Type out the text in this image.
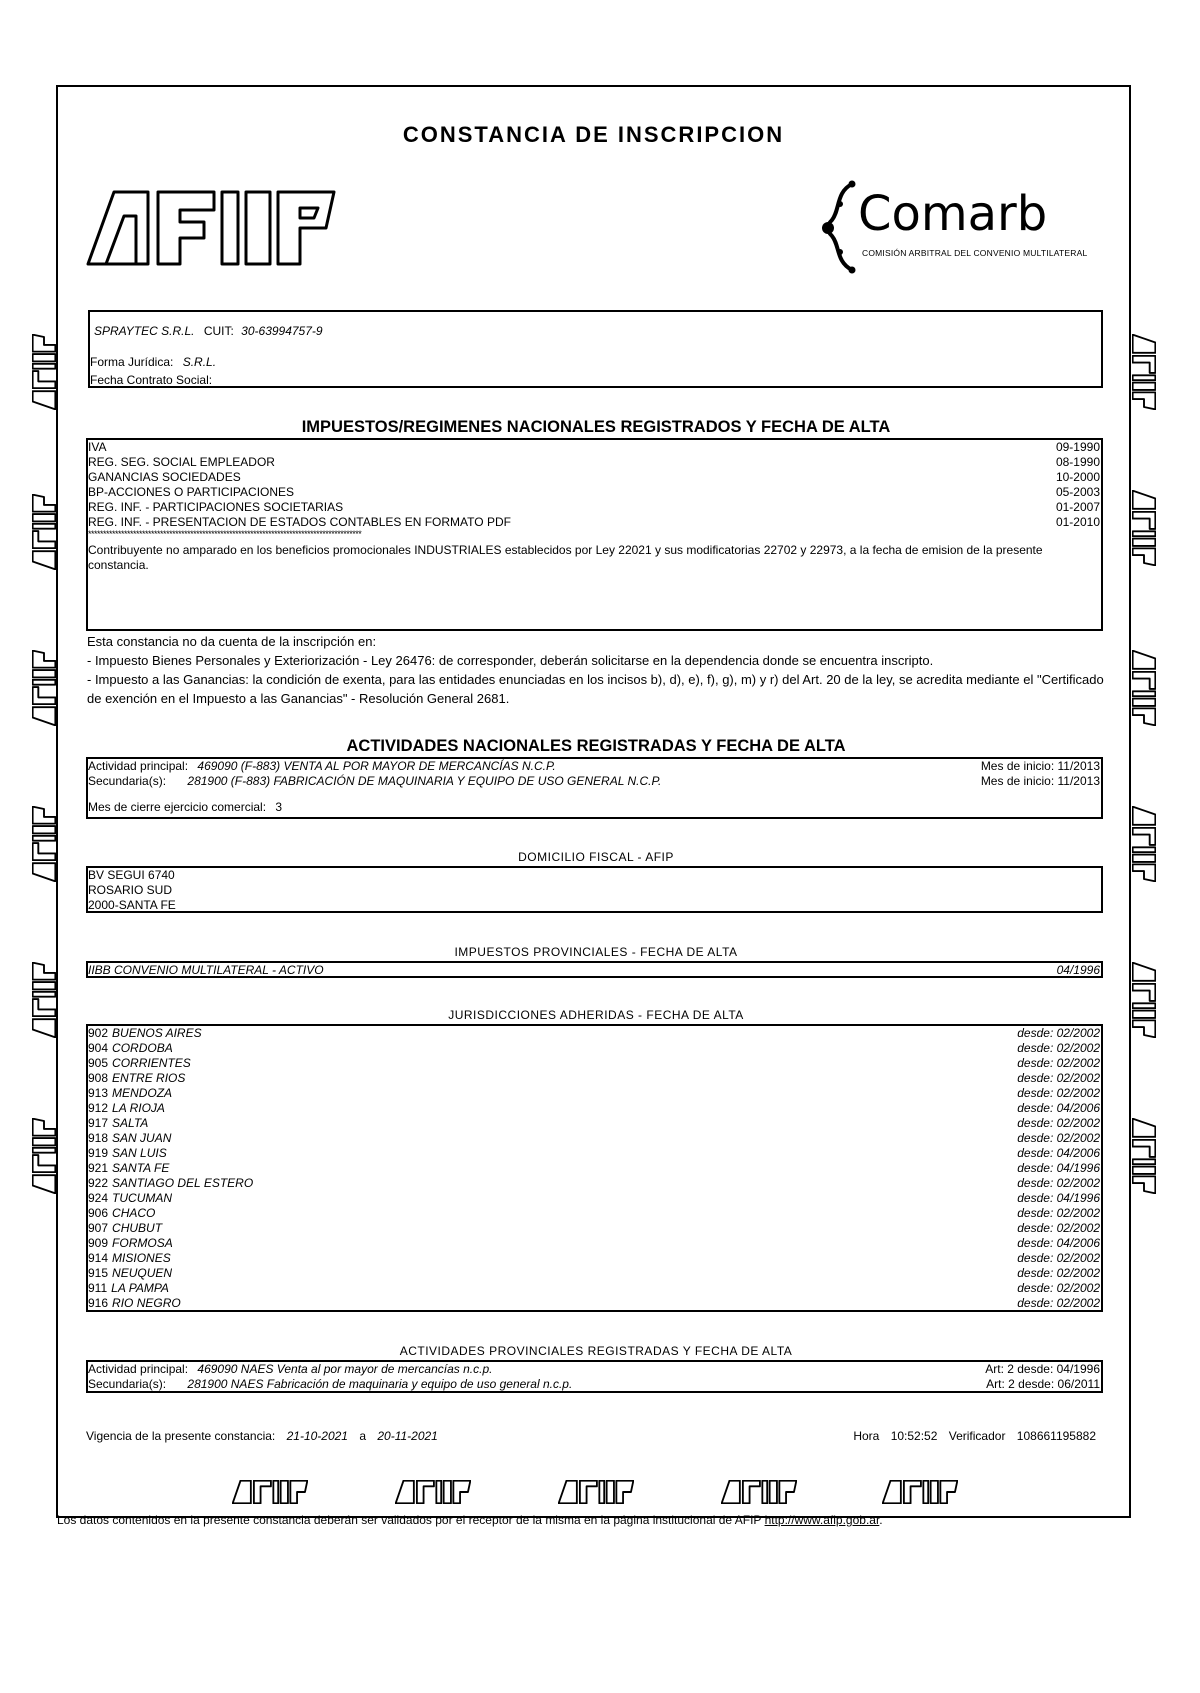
CONSTANCIA DE INSCRIPCION
Comarb
COMISIÓN ARBITRAL DEL CONVENIO MULTILATERAL
SPRAYTEC S.R.L. CUIT: 30-63994757-9
Forma Jurídica: S.R.L.
Fecha Contrato Social:
IMPUESTOS/REGIMENES NACIONALES REGISTRADOS Y FECHA DE ALTA
IVA	09-1990
REG. SEG. SOCIAL EMPLEADOR	08-1990
GANANCIAS SOCIEDADES	10-2000
BP-ACCIONES O PARTICIPACIONES	05-2003
REG. INF. - PARTICIPACIONES SOCIETARIAS	01-2007
REG. INF. - PRESENTACION DE ESTADOS CONTABLES EN FORMATO PDF	01-2010
*******************************************************************************************
Contribuyente no amparado en los beneficios promocionales INDUSTRIALES establecidos por Ley 22021 y sus modificatorias 22702 y 22973, a la fecha de emision de la presente constancia.
Esta constancia no da cuenta de la inscripción en:
- Impuesto Bienes Personales y Exteriorización - Ley 26476: de corresponder, deberán solicitarse en la dependencia donde se encuentra inscripto.
- Impuesto a las Ganancias: la condición de exenta, para las entidades enunciadas en los incisos b), d), e), f), g), m) y r) del Art. 20 de la ley, se acredita mediante el "Certificado de exención en el Impuesto a las Ganancias" - Resolución General 2681.
ACTIVIDADES NACIONALES REGISTRADAS Y FECHA DE ALTA
Actividad principal: 469090 (F-883) VENTA AL POR MAYOR DE MERCANCÍAS N.C.P.	Mes de inicio: 11/2013
Secundaria(s): 281900 (F-883) FABRICACIÓN DE MAQUINARIA Y EQUIPO DE USO GENERAL N.C.P.	Mes de inicio: 11/2013
Mes de cierre ejercicio comercial: 3
DOMICILIO FISCAL - AFIP
BV SEGUI 6740
ROSARIO SUD
2000-SANTA FE
IMPUESTOS PROVINCIALES - FECHA DE ALTA
IIBB CONVENIO MULTILATERAL - ACTIVO	04/1996
JURISDICCIONES ADHERIDAS - FECHA DE ALTA
902 BUENOS AIRES	desde: 02/2002
904 CORDOBA	desde: 02/2002
905 CORRIENTES	desde: 02/2002
908 ENTRE RIOS	desde: 02/2002
913 MENDOZA	desde: 02/2002
912 LA RIOJA	desde: 04/2006
917 SALTA	desde: 02/2002
918 SAN JUAN	desde: 02/2002
919 SAN LUIS	desde: 04/2006
921 SANTA FE	desde: 04/1996
922 SANTIAGO DEL ESTERO	desde: 02/2002
924 TUCUMAN	desde: 04/1996
906 CHACO	desde: 02/2002
907 CHUBUT	desde: 02/2002
909 FORMOSA	desde: 04/2006
914 MISIONES	desde: 02/2002
915 NEUQUEN	desde: 02/2002
911 LA PAMPA	desde: 02/2002
916 RIO NEGRO	desde: 02/2002
ACTIVIDADES PROVINCIALES REGISTRADAS Y FECHA DE ALTA
Actividad principal: 469090 NAES Venta al por mayor de mercancías n.c.p.	Art: 2 desde: 04/1996
Secundaria(s): 281900 NAES Fabricación de maquinaria y equipo de uso general n.c.p.	Art: 2 desde: 06/2011
Vigencia de la presente constancia: 21-10-2021 a 20-11-2021	Hora 10:52:52 Verificador 108661195882
Los datos contenidos en la presente constancia deberán ser validados por el receptor de la misma en la página institucional de AFIP http://www.afip.gob.ar.
